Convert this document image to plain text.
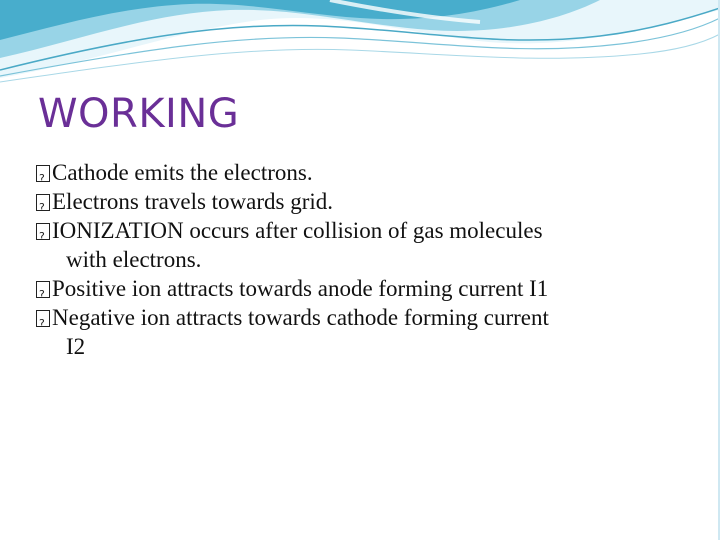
WORKING
?
Cathode emits the electrons.
?
Electrons travels towards grid.
?
IONIZATION occurs after collision of gas molecules
with electrons.
?
Positive ion attracts towards anode forming current I1
?
Negative ion attracts towards cathode forming current
I2
